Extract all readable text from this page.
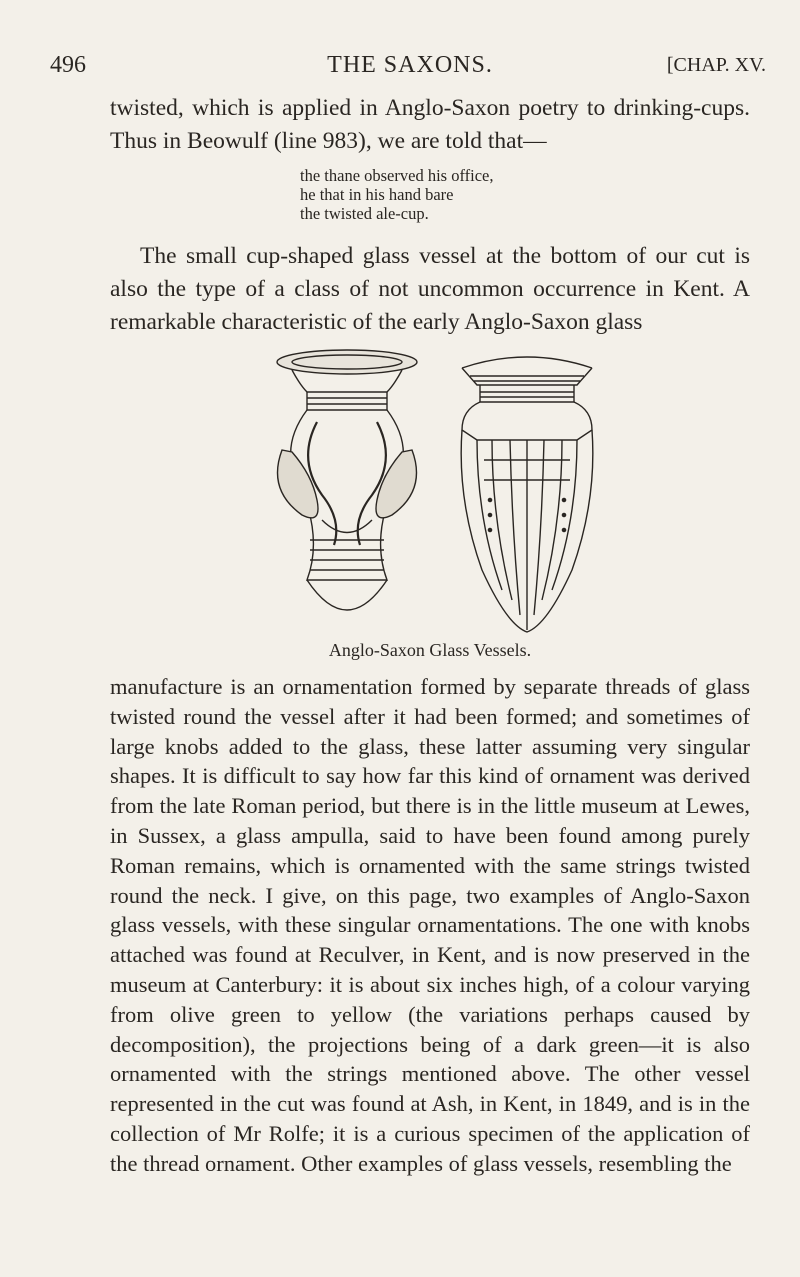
496	THE SAXONS.	[CHAP. XV.

twisted, which is applied in Anglo-Saxon poetry to drinking-cups. Thus in Beowulf (line 983), we are told that—

the thane observed his office,
he that in his hand bare
the twisted ale-cup.

The small cup-shaped glass vessel at the bottom of our cut is also the type of a class of not uncommon occurrence in Kent. A remarkable characteristic of the early Anglo-Saxon glass

Anglo-Saxon Glass Vessels.

manufacture is an ornamentation formed by separate threads of glass twisted round the vessel after it had been formed; and sometimes of large knobs added to the glass, these latter assuming very singular shapes. It is difficult to say how far this kind of ornament was derived from the late Roman period, but there is in the little museum at Lewes, in Sussex, a glass ampulla, said to have been found among purely Roman remains, which is ornamented with the same strings twisted round the neck. I give, on this page, two examples of Anglo-Saxon glass vessels, with these singular ornamentations. The one with knobs attached was found at Reculver, in Kent, and is now preserved in the museum at Canterbury: it is about six inches high, of a colour varying from olive green to yellow (the variations perhaps caused by decomposition), the projections being of a dark green—it is also ornamented with the strings mentioned above. The other vessel represented in the cut was found at Ash, in Kent, in 1849, and is in the collection of Mr Rolfe; it is a curious specimen of the application of the thread ornament. Other examples of glass vessels, resembling the
